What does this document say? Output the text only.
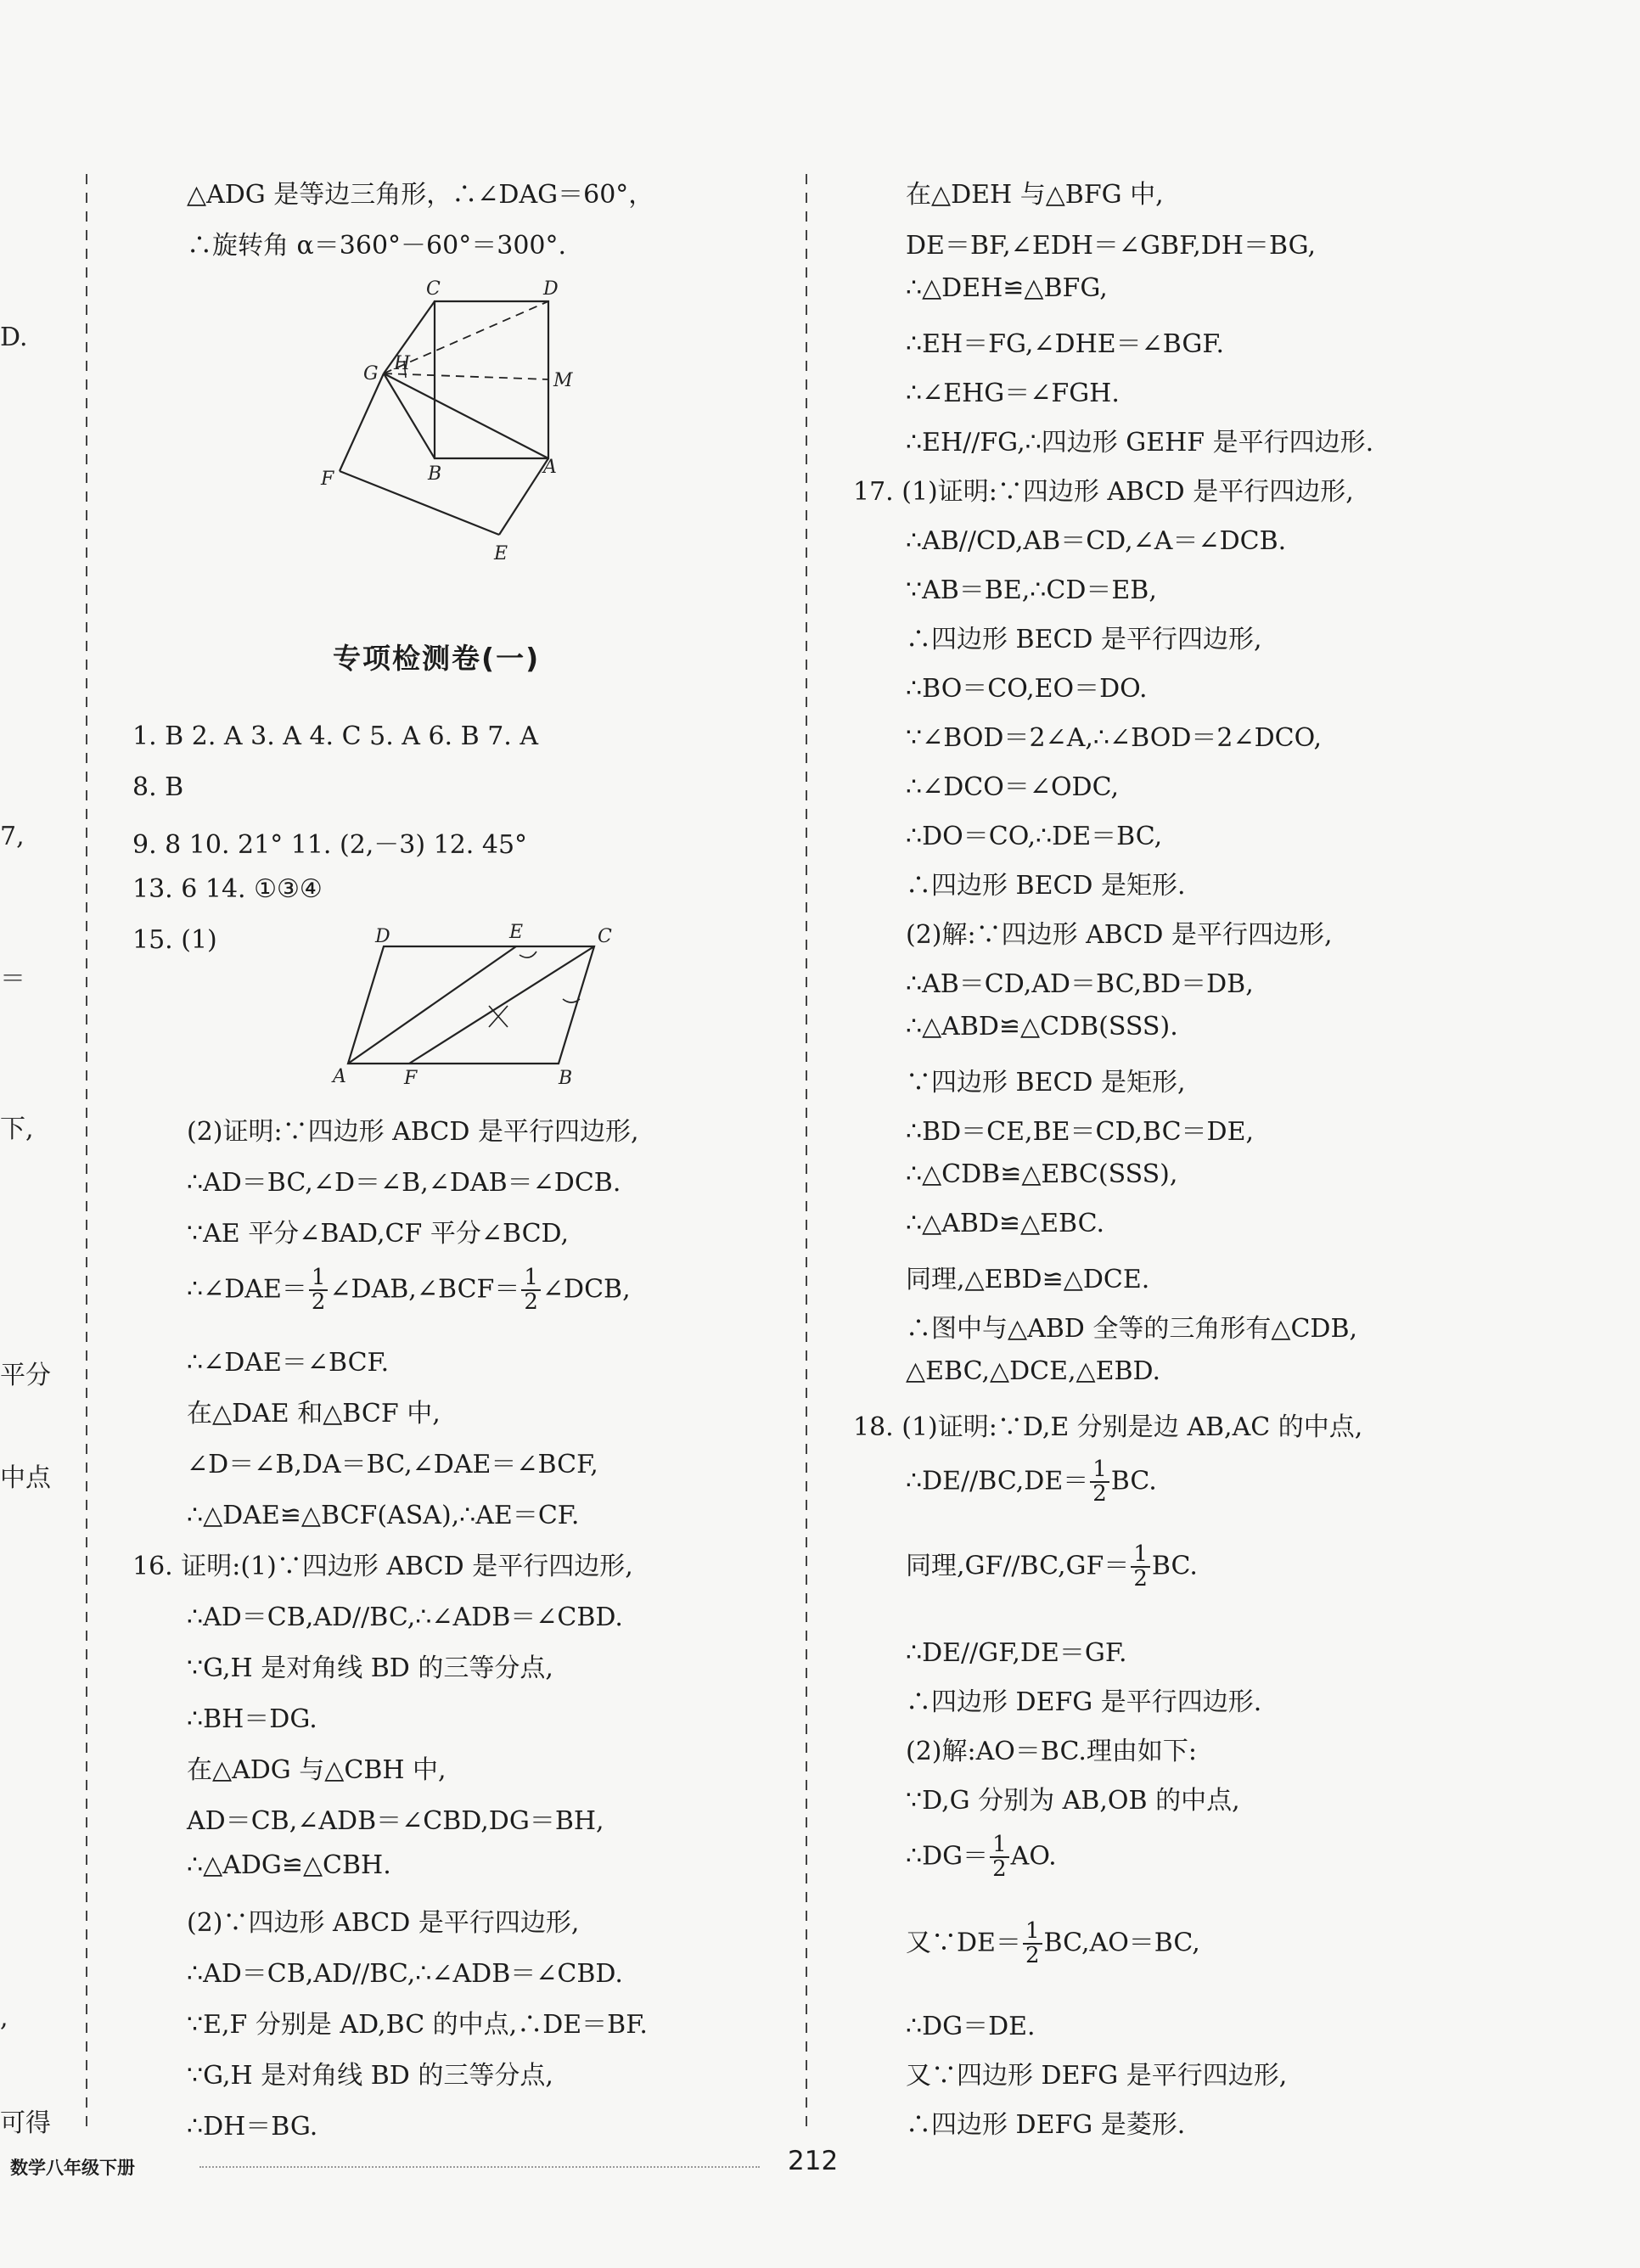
D.
7,
＝
下,
平分
中点
,
可得
△ADG 是等边三角形，∴∠DAG＝60°，
∴旋转角 α＝360°－60°＝300°.
1. B 2. A 3. A 4. C 5. A 6. B 7. A
8. B
9. 8 10. 21° 11. (2,－3) 12. 45°
13. 6 14. ①③④
15. (1)
(2)证明:∵四边形 ABCD 是平行四边形,
∴AD＝BC,∠D＝∠B,∠DAB＝∠DCB.
∵AE 平分∠BAD,CF 平分∠BCD,
∴∠DAE＝ $\frac{1}{2}$ ∠DAB,∠BCF＝ $\frac{1}{2}$ ∠DCB,
∴∠DAE＝∠BCF.
在△DAE 和△BCF 中,
∠D＝∠B,DA＝BC,∠DAE＝∠BCF,
∴△DAE≌△BCF(ASA),∴AE＝CF.
16. 证明:(1)∵四边形 ABCD 是平行四边形,
∴AD＝CB,AD//BC,∴∠ADB＝∠CBD.
∵G,H 是对角线 BD 的三等分点,
∴BH＝DG.
在△ADG 与△CBH 中,
AD＝CB,∠ADB＝∠CBD,DG＝BH,
∴△ADG≌△CBH.
(2)∵四边形 ABCD 是平行四边形,
∴AD＝CB,AD//BC,∴∠ADB＝∠CBD.
∵E,F 分别是 AD,BC 的中点,∴DE＝BF.
∵G,H 是对角线 BD 的三等分点,
∴DH＝BG.
专项检测卷(一)
C	D
G H
M
F	B	A
E
D	E	C
A	F	B
在△DEH 与△BFG 中,
DE＝BF,∠EDH＝∠GBF,DH＝BG,
∴△DEH≌△BFG,
∴EH＝FG,∠DHE＝∠BGF.
∴∠EHG＝∠FGH.
∴EH//FG,∴四边形 GEHF 是平行四边形.
17. (1)证明:∵四边形 ABCD 是平行四边形,
∴AB//CD,AB＝CD,∠A＝∠DCB.
∵AB＝BE,∴CD＝EB,
∴四边形 BECD 是平行四边形,
∴BO＝CO,EO＝DO.
∵∠BOD＝2∠A,∴∠BOD＝2∠DCO,
∴∠DCO＝∠ODC,
∴DO＝CO,∴DE＝BC,
∴四边形 BECD 是矩形.
(2)解:∵四边形 ABCD 是平行四边形,
∴AB＝CD,AD＝BC,BD＝DB,
∴△ABD≌△CDB(SSS).
∵四边形 BECD 是矩形,
∴BD＝CE,BE＝CD,BC＝DE,
∴△CDB≌△EBC(SSS),
∴△ABD≌△EBC.
同理,△EBD≌△DCE.
∴图中与△ABD 全等的三角形有△CDB,
△EBC,△DCE,△EBD.
18. (1)证明:∵D,E 分别是边 AB,AC 的中点,
∴DE//BC,DE＝ $\frac{1}{2}$ BC.
同理$,GF//BC,GF= \frac{1}{2}$ BC.
∴DE//GF,DE＝GF.
∴四边形 DEFG 是平行四边形.
(2)解:AO＝BC.理由如下:
∵D,G 分别为 AB,OB 的中点,
∴DG＝ $\frac{1}{2}$ AO.
又∵DE＝ $\frac{1}{2} BC,AO=BC$,
∴DG＝DE.
又∵四边形 DEFG 是平行四边形,
∴四边形 DEFG 是菱形.
数学八年级下册	212
